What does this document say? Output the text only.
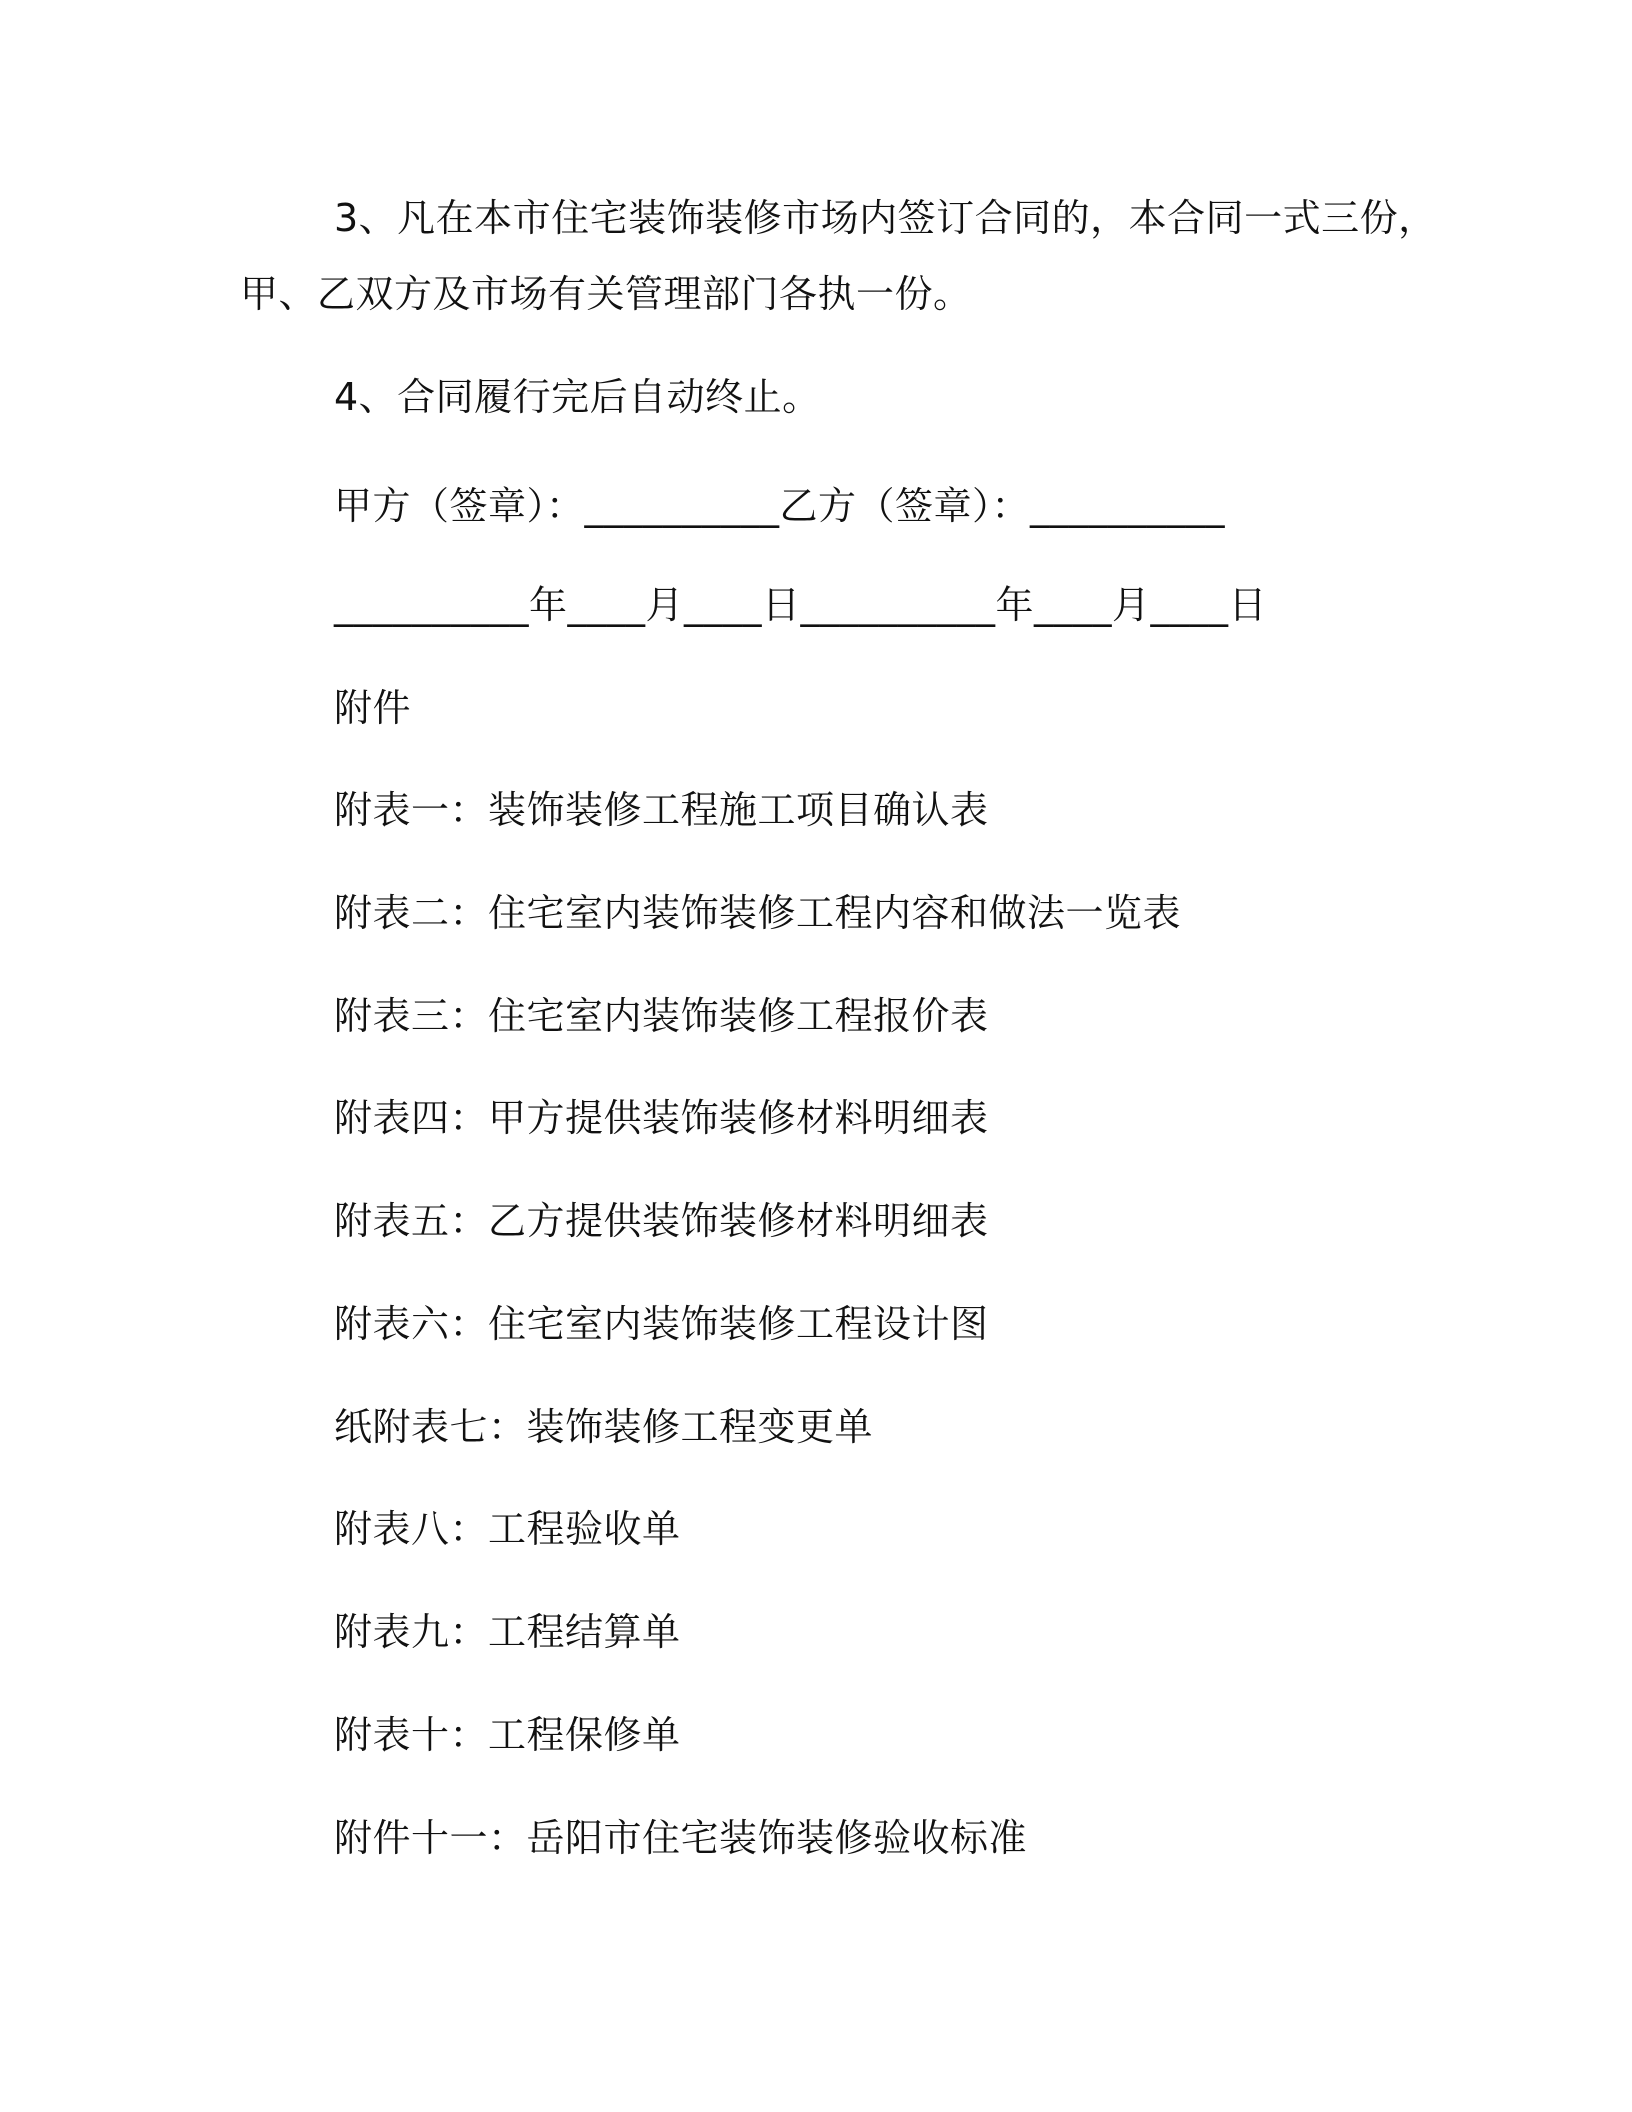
3、凡在本市住宅装饰装修市场内签订合同的，本合同一式三份，

甲、乙双方及市场有关管理部门各执一份。

4、合同履行完后自动终止。

甲方（签章）：__________乙方（签章）：__________

__________年____月____日__________年____月____日

附件

附表一：装饰装修工程施工项目确认表

附表二：住宅室内装饰装修工程内容和做法一览表

附表三：住宅室内装饰装修工程报价表

附表四：甲方提供装饰装修材料明细表

附表五：乙方提供装饰装修材料明细表

附表六：住宅室内装饰装修工程设计图

纸附表七：装饰装修工程变更单

附表八：工程验收单

附表九：工程结算单

附表十：工程保修单

附件十一：岳阳市住宅装饰装修验收标准
